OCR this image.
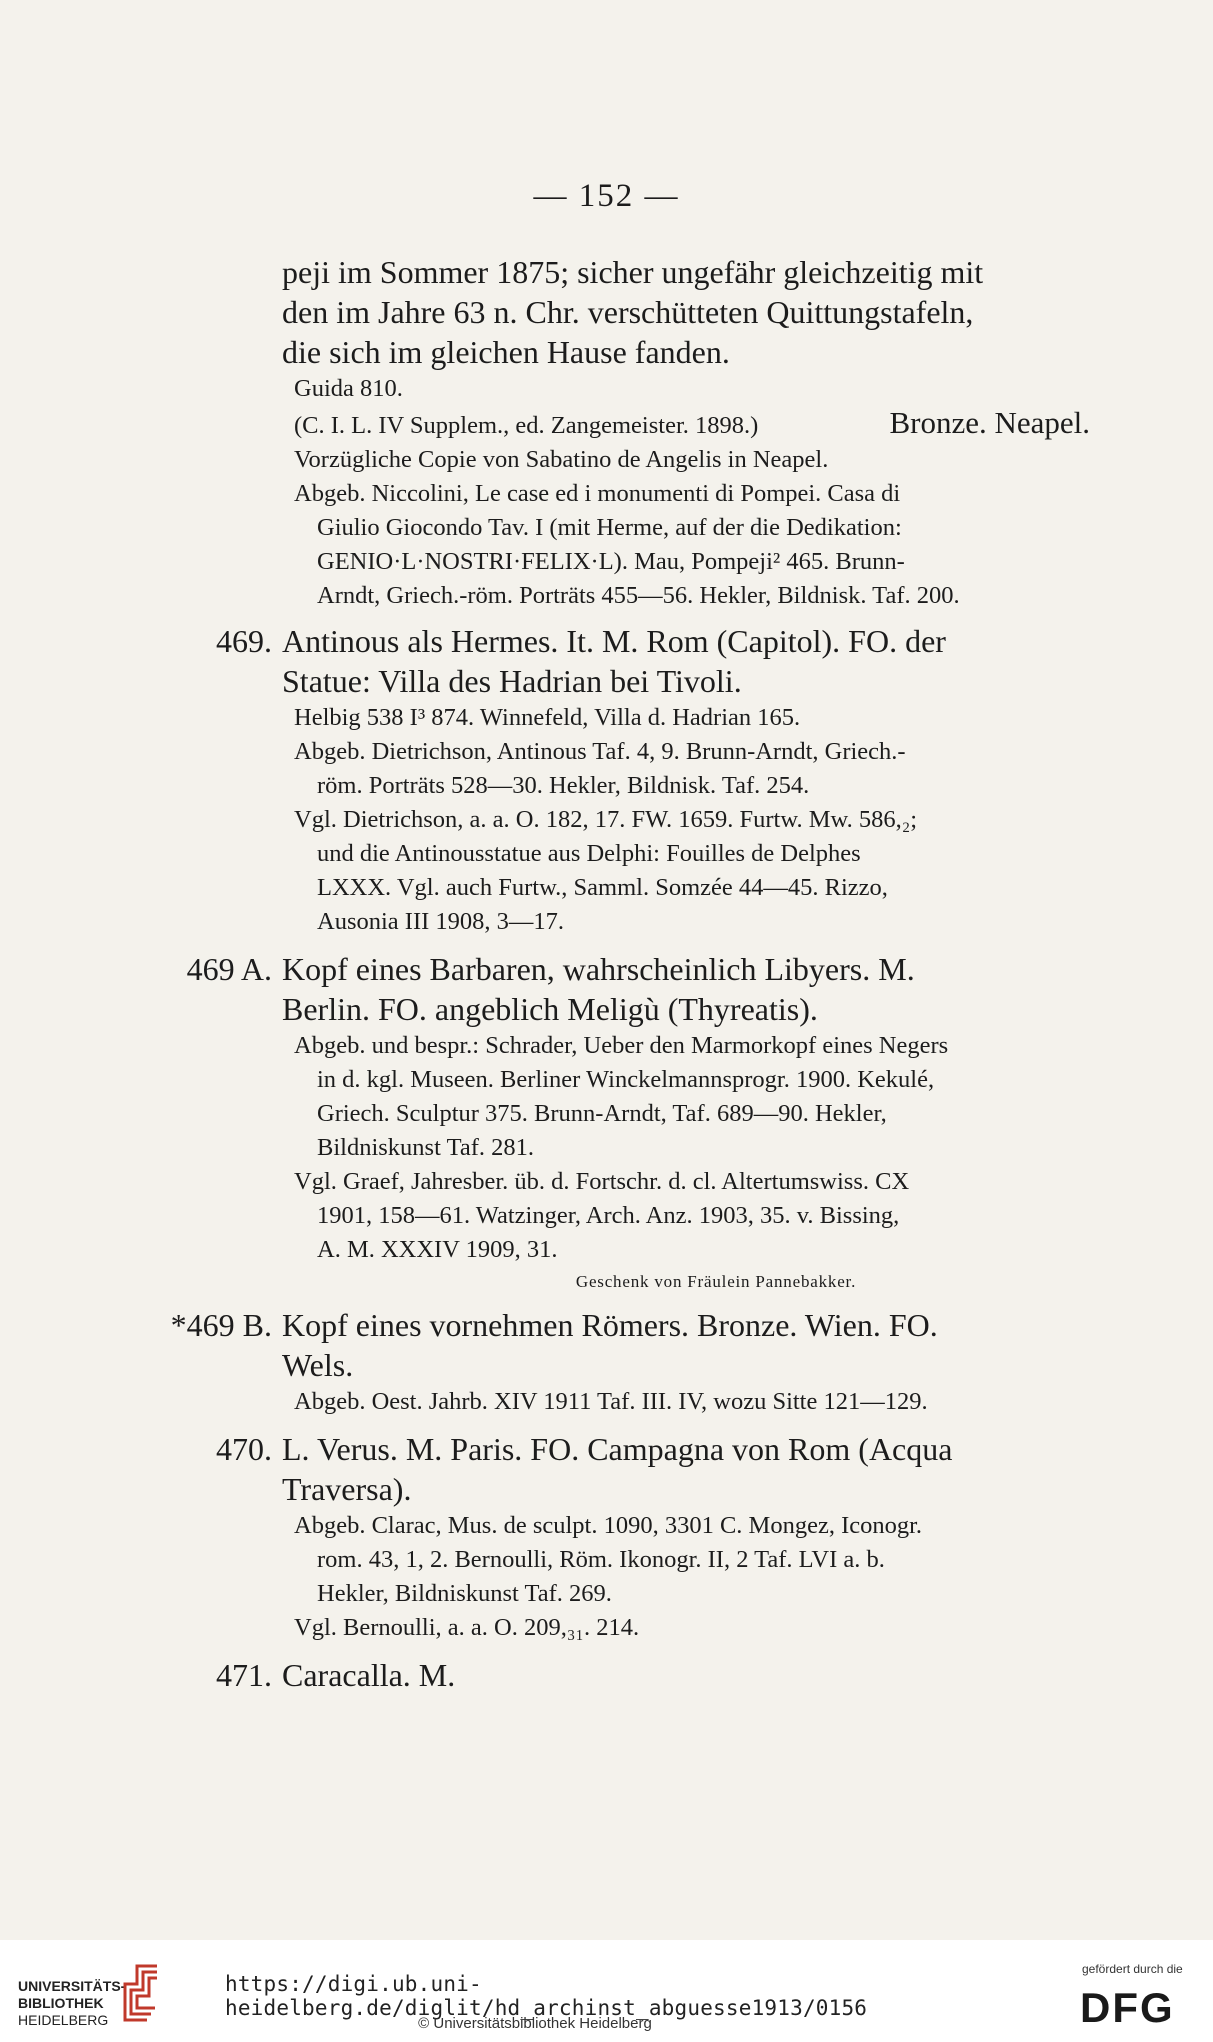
— 152 —
peji im Sommer 1875; sicher ungefähr gleichzeitig mit
den im Jahre 63 n. Chr. verschütteten Quittungstafeln,
die sich im gleichen Hause fanden.
Guida 810.
(C. I. L. IV Supplem., ed. Zangemeister. 1898.)	Bronze. Neapel.
Vorzügliche Copie von Sabatino de Angelis in Neapel.
Abgeb. Niccolini, Le case ed i monumenti di Pompei. Casa di
Giulio Giocondo Tav. I (mit Herme, auf der die Dedikation:
GENIO·L·NOSTRI·FELIX·L). Mau, Pompeji² 465. Brunn-
Arndt, Griech.-röm. Porträts 455—56. Hekler, Bildnisk. Taf. 200.
469. Antinous als Hermes. It. M. Rom (Capitol). FO. der
Statue: Villa des Hadrian bei Tivoli.
Helbig 538 I³ 874. Winnefeld, Villa d. Hadrian 165.
Abgeb. Dietrichson, Antinous Taf. 4, 9. Brunn-Arndt, Griech.-
röm. Porträts 528—30. Hekler, Bildnisk. Taf. 254.
Vgl. Dietrichson, a. a. O. 182, 17. FW. 1659. Furtw. Mw. 586,₂;
und die Antinousstatue aus Delphi: Fouilles de Delphes
LXXX. Vgl. auch Furtw., Samml. Somzée 44—45. Rizzo,
Ausonia III 1908, 3—17.
469 A. Kopf eines Barbaren, wahrscheinlich Libyers. M.
Berlin. FO. angeblich Meligù (Thyreatis).
Abgeb. und bespr.: Schrader, Ueber den Marmorkopf eines Negers
in d. kgl. Museen. Berliner Winckelmannsprogr. 1900. Kekulé,
Griech. Sculptur 375. Brunn-Arndt, Taf. 689—90. Hekler,
Bildniskunst Taf. 281.
Vgl. Graef, Jahresber. üb. d. Fortschr. d. cl. Altertumswiss. CX
1901, 158—61. Watzinger, Arch. Anz. 1903, 35. v. Bissing,
A. M. XXXIV 1909, 31.
Geschenk von Fräulein Pannebakker.
*469 B. Kopf eines vornehmen Römers. Bronze. Wien. FO.
Wels.
Abgeb. Oest. Jahrb. XIV 1911 Taf. III. IV, wozu Sitte 121—129.
470. L. Verus. M. Paris. FO. Campagna von Rom (Acqua
Traversa).
Abgeb. Clarac, Mus. de sculpt. 1090, 3301 C. Mongez, Iconogr.
rom. 43, 1, 2. Bernoulli, Röm. Ikonogr. II, 2 Taf. LVI a. b.
Hekler, Bildniskunst Taf. 269.
Vgl. Bernoulli, a. a. O. 209,₃₁. 214.
471. Caracalla. M.
UNIVERSITÄTS-
BIBLIOTHEK
HEIDELBERG
https://digi.ub.uni-heidelberg.de/diglit/hd_archinst_abguesse1913/0156
© Universitätsbibliothek Heidelberg
gefördert durch die
DFG
